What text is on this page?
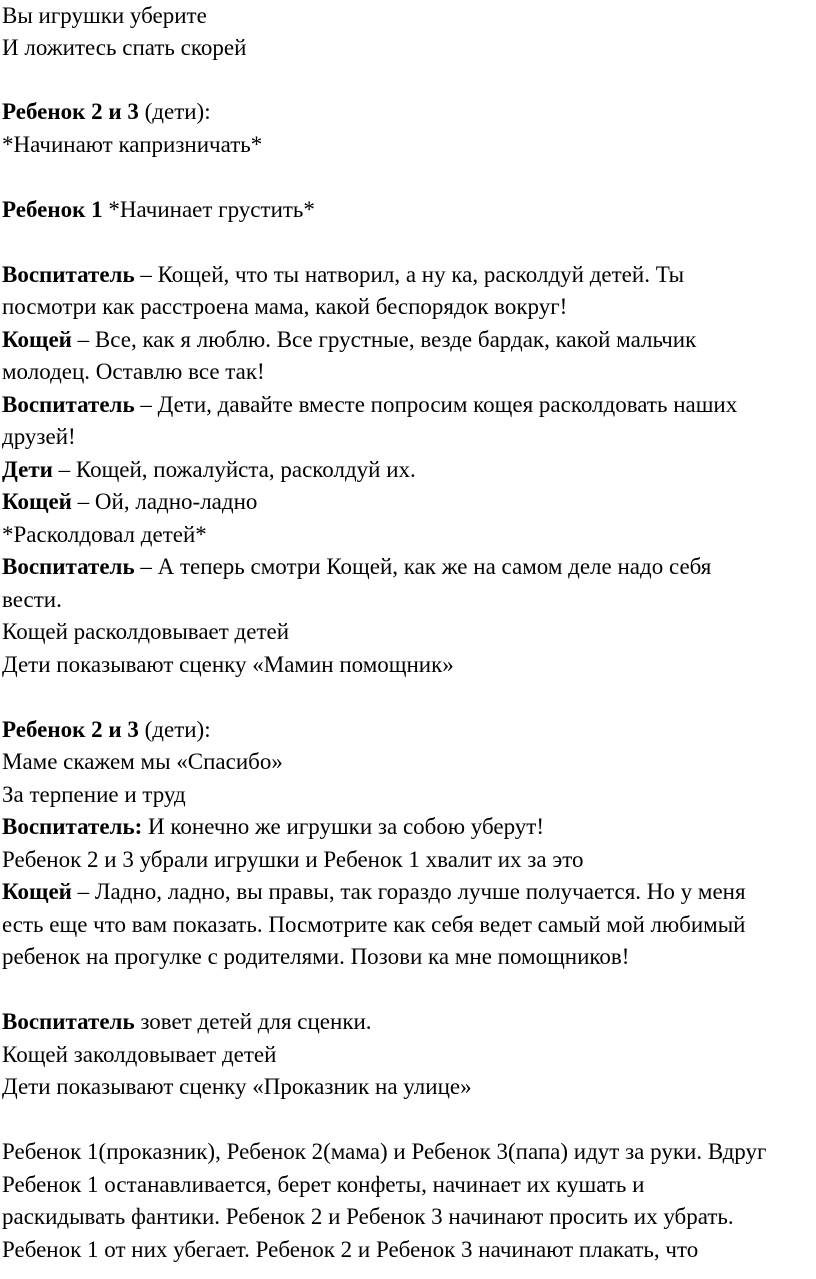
Вы игрушки уберите
И ложитесь спать скорей
Ребенок 2 и 3 (дети):
*Начинают капризничать*
Ребенок 1 *Начинает грустить*
Воспитатель – Кощей, что ты натворил, а ну ка, расколдуй детей. Ты
посмотри как расстроена мама, какой беспорядок вокруг!
Кощей – Все, как я люблю. Все грустные, везде бардак, какой мальчик
молодец. Оставлю все так!
Воспитатель – Дети, давайте вместе попросим кощея расколдовать наших
друзей!
Дети – Кощей, пожалуйста, расколдуй их.
Кощей – Ой, ладно-ладно
*Расколдовал детей*
Воспитатель – А теперь смотри Кощей, как же на самом деле надо себя
вести.
Кощей расколдовывает детей
Дети показывают сценку «Мамин помощник»
Ребенок 2 и 3 (дети):
Маме скажем мы «Спасибо»
За терпение и труд
Воспитатель: И конечно же игрушки за собою уберут!
Ребенок 2 и 3 убрали игрушки и Ребенок 1 хвалит их за это
Кощей – Ладно, ладно, вы правы, так гораздо лучше получается. Но у меня
есть еще что вам показать. Посмотрите как себя ведет самый мой любимый
ребенок на прогулке с родителями. Позови ка мне помощников!
Воспитатель зовет детей для сценки.
Кощей заколдовывает детей
Дети показывают сценку «Проказник на улице»
Ребенок 1(проказник), Ребенок 2(мама) и Ребенок 3(папа) идут за руки. Вдруг
Ребенок 1 останавливается, берет конфеты, начинает их кушать и
раскидывать фантики. Ребенок 2 и Ребенок 3 начинают просить их убрать.
Ребенок 1 от них убегает. Ребенок 2 и Ребенок 3 начинают плакать, что
